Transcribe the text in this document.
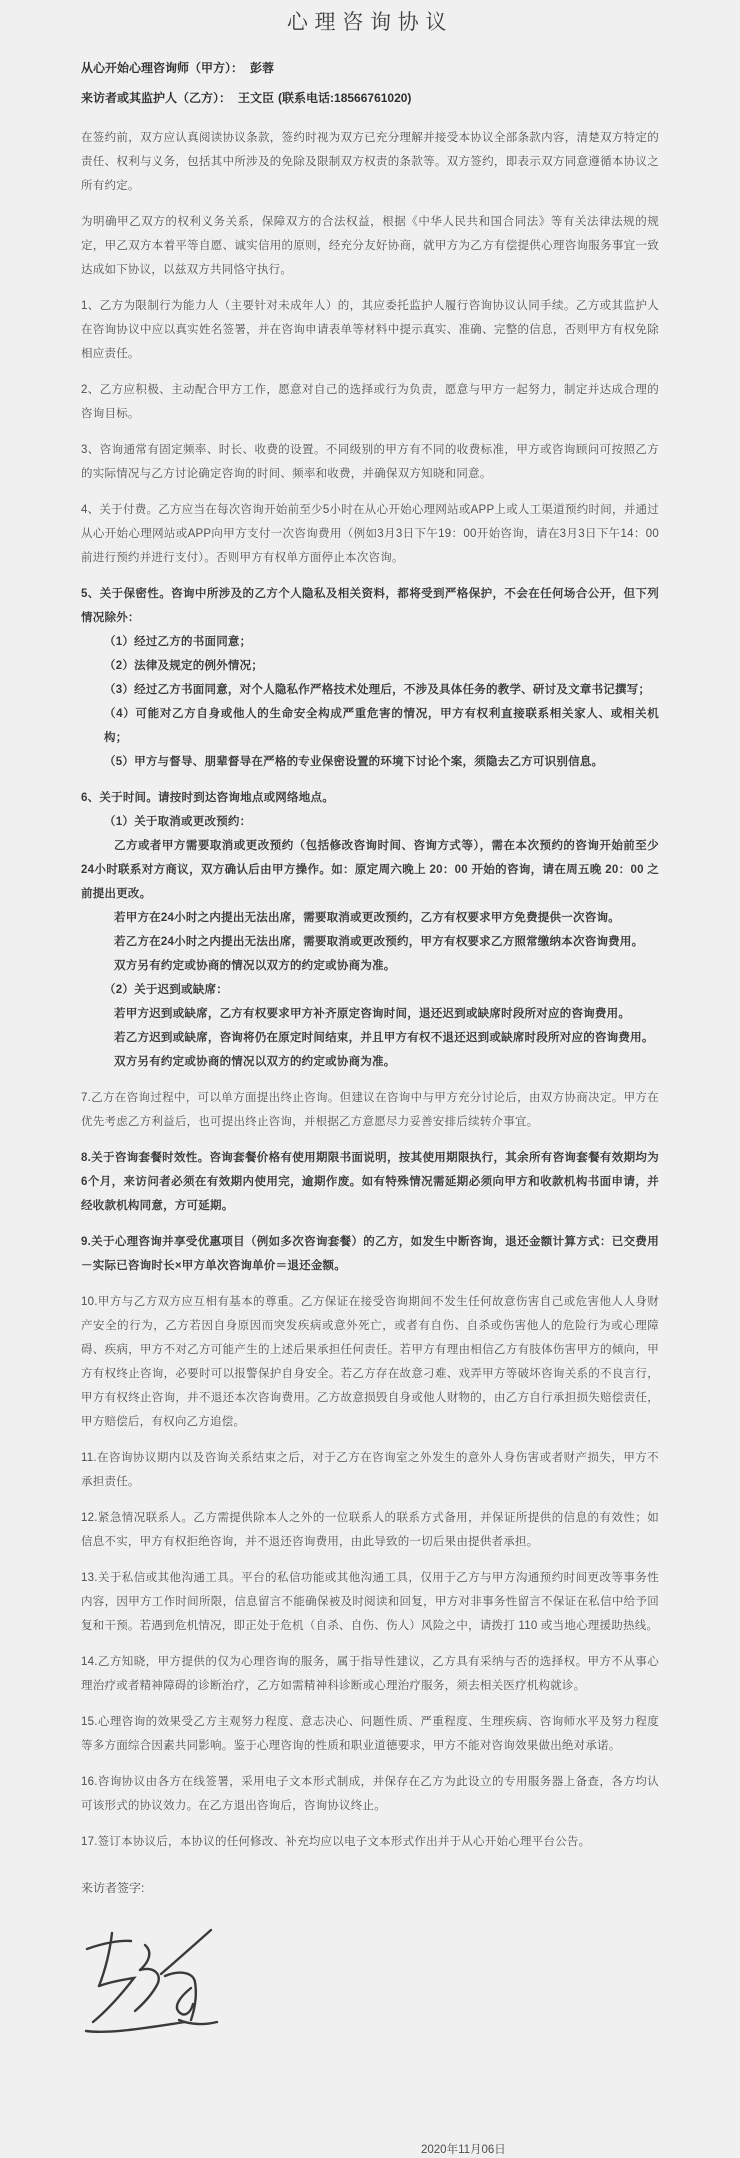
心理咨询协议

从心开始心理咨询师（甲方）： 彭蓉

来访者或其监护人（乙方）： 王文臣 (联系电话:18566761020)

在签约前，双方应认真阅读协议条款，签约时视为双方已充分理解并接受本协议全部条款内容，清楚双方特定的责任、权利与义务，包括其中所涉及的免除及限制双方权责的条款等。双方签约，即表示双方同意遵循本协议之所有约定。

为明确甲乙双方的权利义务关系，保障双方的合法权益，根据《中华人民共和国合同法》等有关法律法规的规定，甲乙双方本着平等自愿、诚实信用的原则，经充分友好协商，就甲方为乙方有偿提供心理咨询服务事宜一致达成如下协议，以兹双方共同恪守执行。

1、乙方为限制行为能力人（主要针对未成年人）的，其应委托监护人履行咨询协议认同手续。乙方或其监护人在咨询协议中应以真实姓名签署，并在咨询申请表单等材料中提示真实、准确、完整的信息，否则甲方有权免除相应责任。

2、乙方应积极、主动配合甲方工作，愿意对自己的选择或行为负责，愿意与甲方一起努力，制定并达成合理的咨询目标。

3、咨询通常有固定频率、时长、收费的设置。不同级别的甲方有不同的收费标准，甲方或咨询顾问可按照乙方的实际情况与乙方讨论确定咨询的时间、频率和收费，并确保双方知晓和同意。

4、关于付费。乙方应当在每次咨询开始前至少5小时在从心开始心理网站或APP上或人工渠道预约时间，并通过从心开始心理网站或APP向甲方支付一次咨询费用（例如3月3日下午19：00开始咨询，请在3月3日下午14：00前进行预约并进行支付）。否则甲方有权单方面停止本次咨询。

5、关于保密性。咨询中所涉及的乙方个人隐私及相关资料，都将受到严格保护，不会在任何场合公开，但下列情况除外：

（1）经过乙方的书面同意；

（2）法律及规定的例外情况；

（3）经过乙方书面同意，对个人隐私作严格技术处理后，不涉及具体任务的教学、研讨及文章书记撰写；

（4）可能对乙方自身或他人的生命安全构成严重危害的情况，甲方有权利直接联系相关家人、或相关机构；

（5）甲方与督导、朋辈督导在严格的专业保密设置的环境下讨论个案，须隐去乙方可识别信息。

6、关于时间。请按时到达咨询地点或网络地点。

（1）关于取消或更改预约：

乙方或者甲方需要取消或更改预约（包括修改咨询时间、咨询方式等），需在本次预约的咨询开始前至少24小时联系对方商议，双方确认后由甲方操作。如：原定周六晚上 20：00 开始的咨询，请在周五晚 20：00 之前提出更改。

若甲方在24小时之内提出无法出席，需要取消或更改预约，乙方有权要求甲方免费提供一次咨询。

若乙方在24小时之内提出无法出席，需要取消或更改预约，甲方有权要求乙方照常缴纳本次咨询费用。

双方另有约定或协商的情况以双方的约定或协商为准。

（2）关于迟到或缺席：

若甲方迟到或缺席，乙方有权要求甲方补齐原定咨询时间，退还迟到或缺席时段所对应的咨询费用。

若乙方迟到或缺席，咨询将仍在原定时间结束，并且甲方有权不退还迟到或缺席时段所对应的咨询费用。

双方另有约定或协商的情况以双方的约定或协商为准。

7.乙方在咨询过程中，可以单方面提出终止咨询。但建议在咨询中与甲方充分讨论后，由双方协商决定。甲方在优先考虑乙方利益后，也可提出终止咨询，并根据乙方意愿尽力妥善安排后续转介事宜。

8.关于咨询套餐时效性。咨询套餐价格有使用期限书面说明，按其使用期限执行，其余所有咨询套餐有效期均为6个月，来访问者必须在有效期内使用完，逾期作废。如有特殊情况需延期必须向甲方和收款机构书面申请，并经收款机构同意，方可延期。

9.关于心理咨询并享受优惠项目（例如多次咨询套餐）的乙方，如发生中断咨询，退还金额计算方式：已交费用－实际已咨询时长×甲方单次咨询单价＝退还金额。

10.甲方与乙方双方应互相有基本的尊重。乙方保证在接受咨询期间不发生任何故意伤害自己或危害他人人身财产安全的行为，乙方若因自身原因而突发疾病或意外死亡，或者有自伤、自杀或伤害他人的危险行为或心理障碍、疾病，甲方不对乙方可能产生的上述后果承担任何责任。若甲方有理由相信乙方有肢体伤害甲方的倾向，甲方有权终止咨询，必要时可以报警保护自身安全。若乙方存在故意刁难、戏弄甲方等破坏咨询关系的不良言行，甲方有权终止咨询，并不退还本次咨询费用。乙方故意损毁自身或他人财物的，由乙方自行承担损失赔偿责任，甲方赔偿后，有权向乙方追偿。

11.在咨询协议期内以及咨询关系结束之后，对于乙方在咨询室之外发生的意外人身伤害或者财产损失，甲方不承担责任。

12.紧急情况联系人。乙方需提供除本人之外的一位联系人的联系方式备用，并保证所提供的信息的有效性；如信息不实，甲方有权拒绝咨询，并不退还咨询费用，由此导致的一切后果由提供者承担。

13.关于私信或其他沟通工具。平台的私信功能或其他沟通工具，仅用于乙方与甲方沟通预约时间更改等事务性内容，因甲方工作时间所限，信息留言不能确保被及时阅读和回复，甲方对非事务性留言不保证在私信中给予回复和干预。若遇到危机情况，即正处于危机（自杀、自伤、伤人）风险之中，请拨打 110 或当地心理援助热线。

14.乙方知晓，甲方提供的仅为心理咨询的服务，属于指导性建议，乙方具有采纳与否的选择权。甲方不从事心理治疗或者精神障碍的诊断治疗，乙方如需精神科诊断或心理治疗服务，须去相关医疗机构就诊。

15.心理咨询的效果受乙方主观努力程度、意志决心、问题性质、严重程度、生理疾病、咨询师水平及努力程度等多方面综合因素共同影响。鉴于心理咨询的性质和职业道德要求，甲方不能对咨询效果做出绝对承诺。

16.咨询协议由各方在线签署，采用电子文本形式制成，并保存在乙方为此设立的专用服务器上备查，各方均认可该形式的协议效力。在乙方退出咨询后，咨询协议终止。

17.签订本协议后，本协议的任何修改、补充均应以电子文本形式作出并于从心开始心理平台公告。

来访者签字:

2020年11月06日
